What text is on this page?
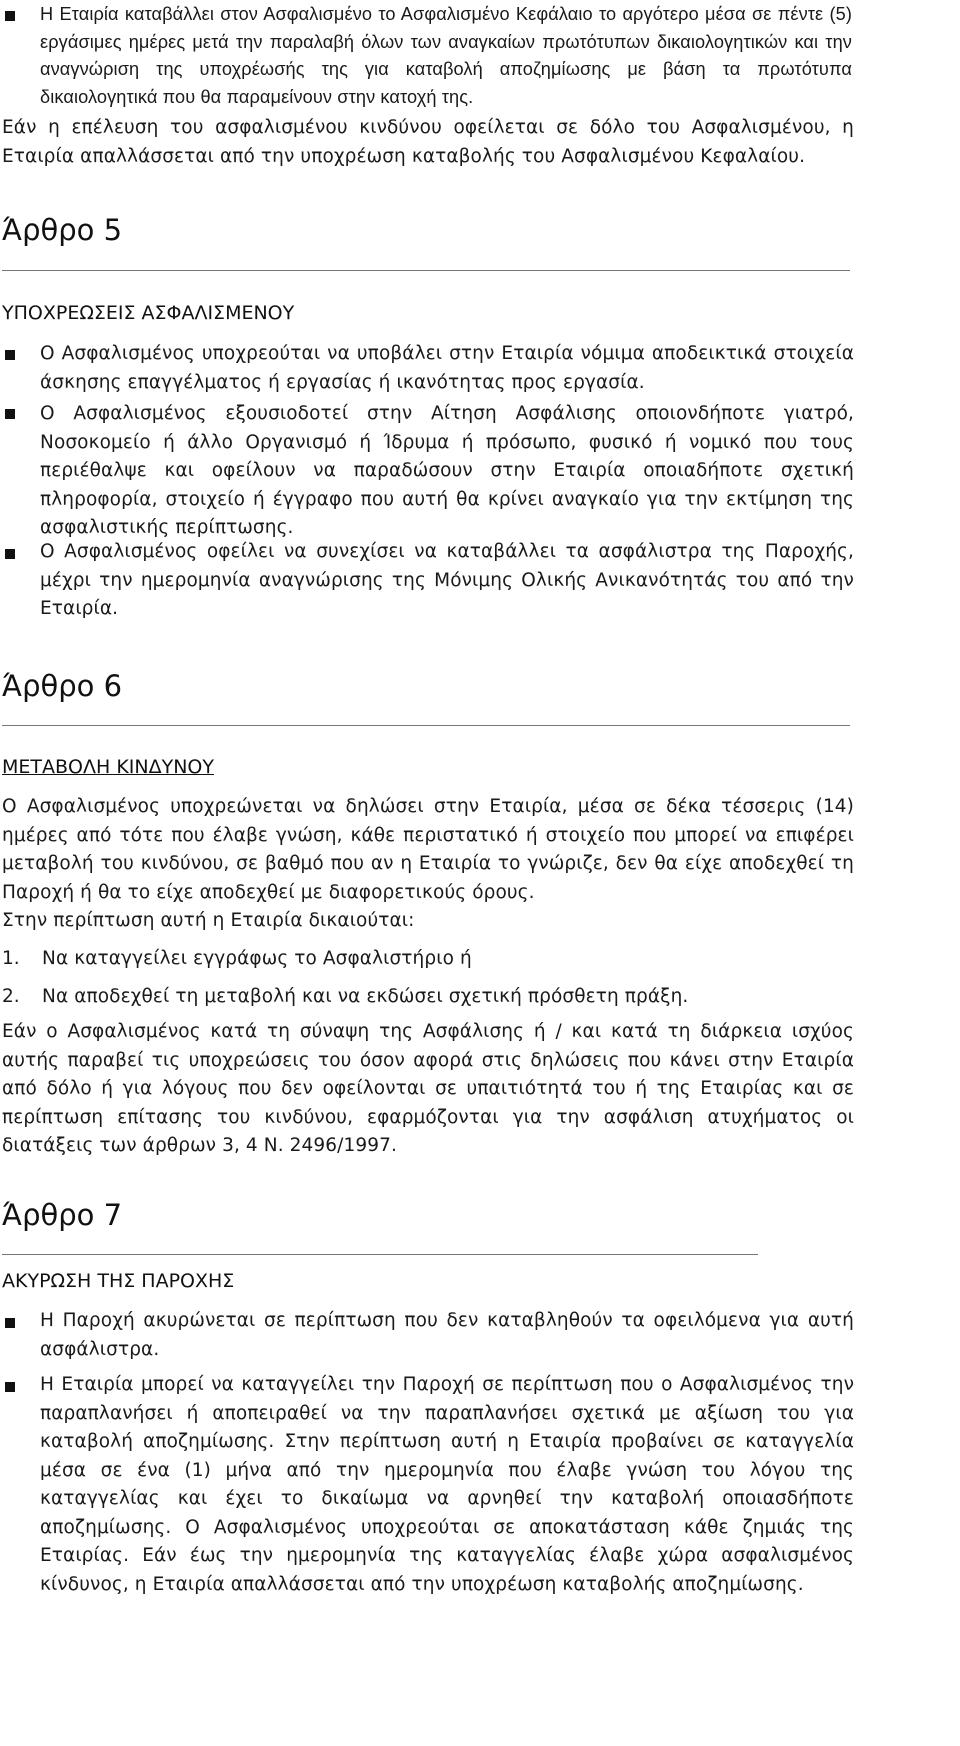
Η Εταιρία καταβάλλει στον Ασφαλισμένο το Ασφαλισμένο Κεφάλαιο το αργότερο μέσα σε πέντε (5) εργάσιμες ημέρες μετά την παραλαβή όλων των αναγκαίων πρωτότυπων δικαιολογητικών και την αναγνώριση της υποχρέωσής της για καταβολή αποζημίωσης με βάση τα πρωτότυπα δικαιολογητικά που θα παραμείνουν στην κατοχή της.
Εάν η επέλευση του ασφαλισμένου κινδύνου οφείλεται σε δόλο του Ασφαλισμένου, η Εταιρία απαλλάσσεται από την υποχρέωση καταβολής του Ασφαλισμένου Κεφαλαίου.
Άρθρο 5
ΥΠΟΧΡΕΩΣΕΙΣ ΑΣΦΑΛΙΣΜΕΝΟΥ
Ο Ασφαλισμένος υποχρεούται να υποβάλει στην Εταιρία νόμιμα αποδεικτικά στοιχεία άσκησης επαγγέλματος ή εργασίας ή ικανότητας προς εργασία.
Ο Ασφαλισμένος εξουσιοδοτεί στην Αίτηση Ασφάλισης οποιονδήποτε γιατρό, Νοσοκομείο ή άλλο Οργανισμό ή Ίδρυμα ή πρόσωπο, φυσικό ή νομικό που τους περιέθαλψε και οφείλουν να παραδώσουν στην Εταιρία οποιαδήποτε σχετική πληροφορία, στοιχείο ή έγγραφο που αυτή θα κρίνει αναγκαίο για την εκτίμηση της ασφαλιστικής περίπτωσης.
Ο Ασφαλισμένος οφείλει να συνεχίσει να καταβάλλει τα ασφάλιστρα της Παροχής, μέχρι την ημερομηνία αναγνώρισης της Μόνιμης Ολικής Ανικανότητάς του από την Εταιρία.
Άρθρο 6
ΜΕΤΑΒΟΛΗ ΚΙΝΔΥΝΟΥ
Ο Ασφαλισμένος υποχρεώνεται να δηλώσει στην Εταιρία, μέσα σε δέκα τέσσερις (14) ημέρες από τότε που έλαβε γνώση, κάθε περιστατικό ή στοιχείο που μπορεί να επιφέρει μεταβολή του κινδύνου, σε βαθμό που αν η Εταιρία το γνώριζε, δεν θα είχε αποδεχθεί τη Παροχή ή θα το είχε αποδεχθεί με διαφορετικούς όρους.
Στην περίπτωση αυτή η Εταιρία δικαιούται:
1. Να καταγγείλει εγγράφως το Ασφαλιστήριο ή
2. Να αποδεχθεί τη μεταβολή και να εκδώσει σχετική πρόσθετη πράξη.
Εάν ο Ασφαλισμένος κατά τη σύναψη της Ασφάλισης ή / και κατά τη διάρκεια ισχύος αυτής παραβεί τις υποχρεώσεις του όσον αφορά στις δηλώσεις που κάνει στην Εταιρία από δόλο ή για λόγους που δεν οφείλονται σε υπαιτιότητά του ή της Εταιρίας και σε περίπτωση επίτασης του κινδύνου, εφαρμόζονται για την ασφάλιση ατυχήματος οι διατάξεις των άρθρων 3, 4 Ν. 2496/1997.
Άρθρο 7
ΑΚΥΡΩΣΗ ΤΗΣ ΠΑΡΟΧΗΣ
Η Παροχή ακυρώνεται σε περίπτωση που δεν καταβληθούν τα οφειλόμενα για αυτή ασφάλιστρα.
Η Εταιρία μπορεί να καταγγείλει την Παροχή σε περίπτωση που ο Ασφαλισμένος την παραπλανήσει ή αποπειραθεί να την παραπλανήσει σχετικά με αξίωση του για καταβολή αποζημίωσης. Στην περίπτωση αυτή η Εταιρία προβαίνει σε καταγγελία μέσα σε ένα (1) μήνα από την ημερομηνία που έλαβε γνώση του λόγου της καταγγελίας και έχει το δικαίωμα να αρνηθεί την καταβολή οποιασδήποτε αποζημίωσης. Ο Ασφαλισμένος υποχρεούται σε αποκατάσταση κάθε ζημιάς της Εταιρίας. Εάν έως την ημερομηνία της καταγγελίας έλαβε χώρα ασφαλισμένος κίνδυνος, η Εταιρία απαλλάσσεται από την υποχρέωση καταβολής αποζημίωσης.
